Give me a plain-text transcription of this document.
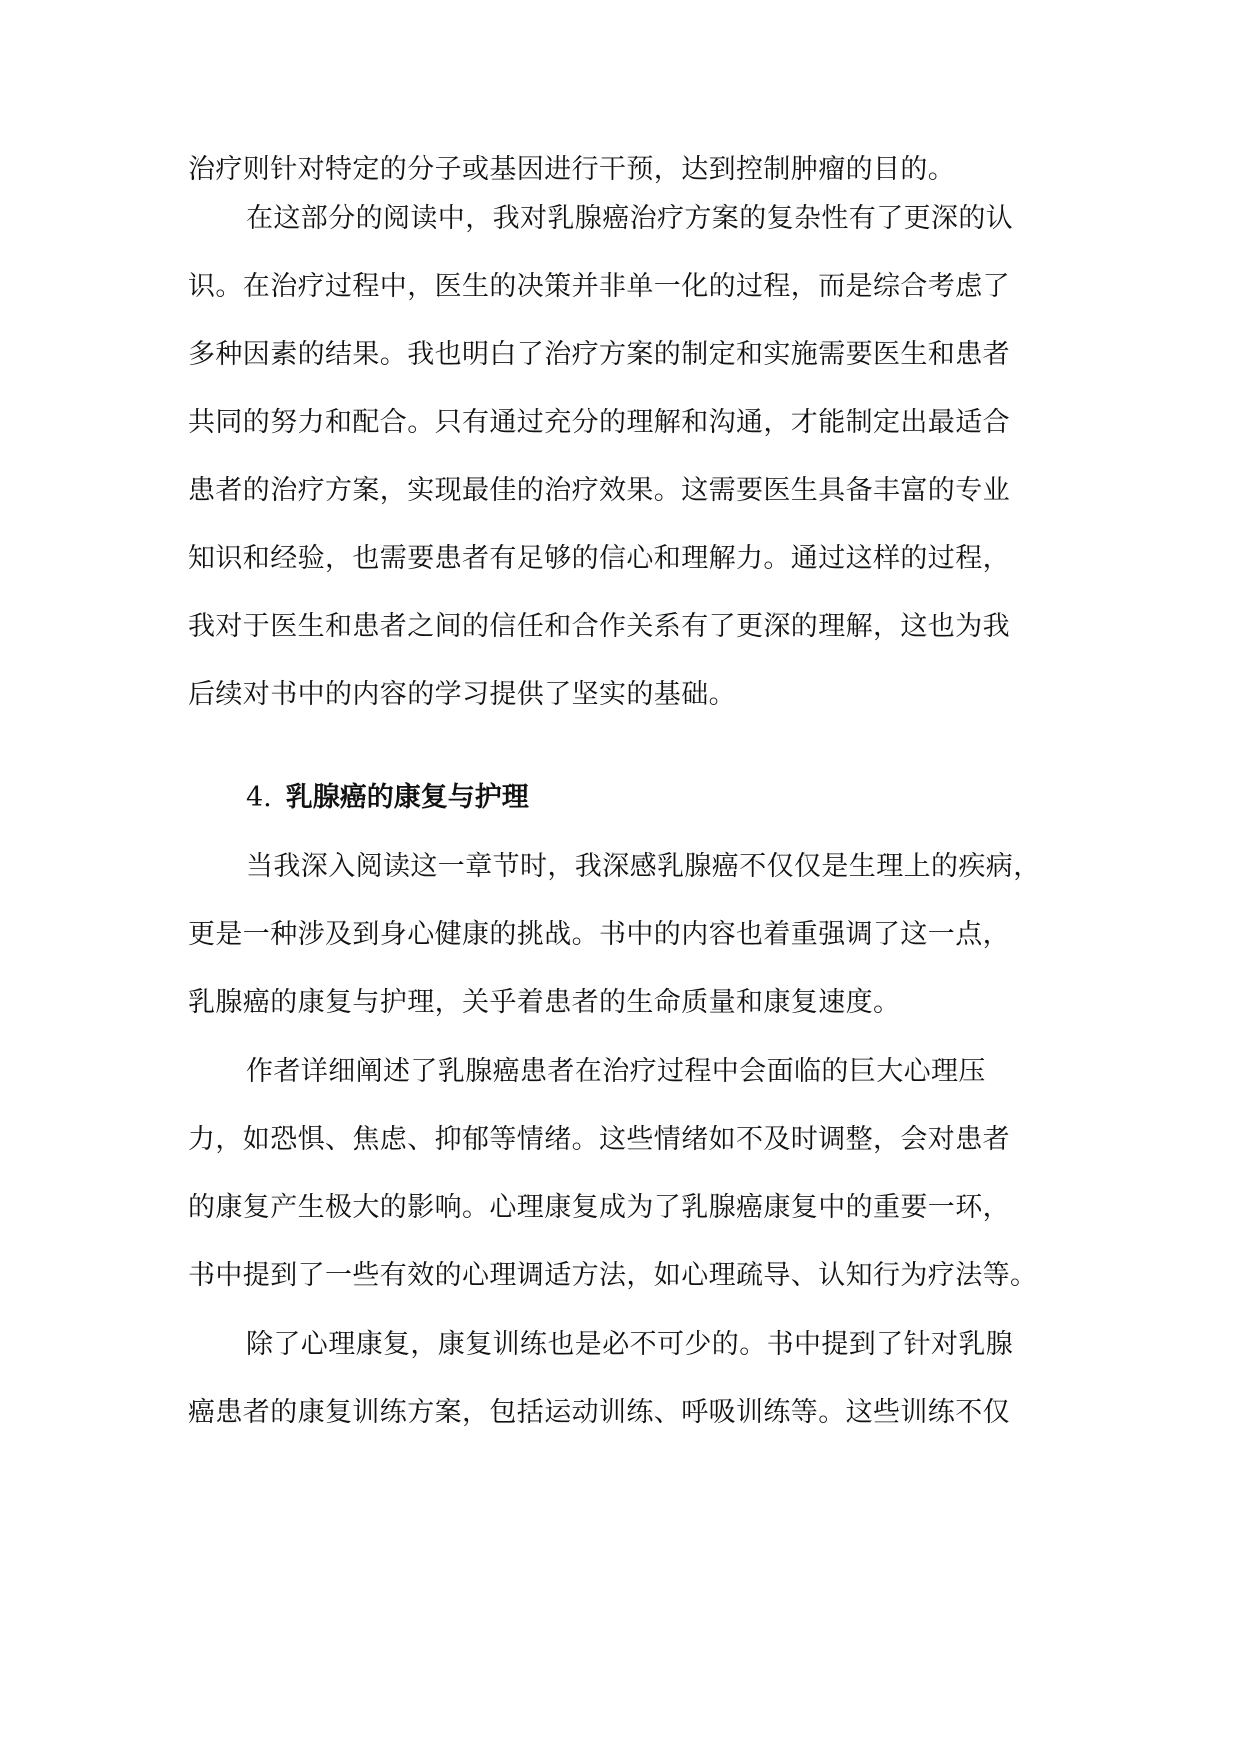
治疗则针对特定的分子或基因进行干预，达到控制肿瘤的目的。
在这部分的阅读中，我对乳腺癌治疗方案的复杂性有了更深的认
识。在治疗过程中，医生的决策并非单一化的过程，而是综合考虑了
多种因素的结果。我也明白了治疗方案的制定和实施需要医生和患者
共同的努力和配合。只有通过充分的理解和沟通，才能制定出最适合
患者的治疗方案，实现最佳的治疗效果。这需要医生具备丰富的专业
知识和经验，也需要患者有足够的信心和理解力。通过这样的过程，
我对于医生和患者之间的信任和合作关系有了更深的理解，这也为我
后续对书中的内容的学习提供了坚实的基础。
4. 乳腺癌的康复与护理
当我深入阅读这一章节时，我深感乳腺癌不仅仅是生理上的疾病，
更是一种涉及到身心健康的挑战。书中的内容也着重强调了这一点，
乳腺癌的康复与护理，关乎着患者的生命质量和康复速度。
作者详细阐述了乳腺癌患者在治疗过程中会面临的巨大心理压
力，如恐惧、焦虑、抑郁等情绪。这些情绪如不及时调整，会对患者
的康复产生极大的影响。心理康复成为了乳腺癌康复中的重要一环，
书中提到了一些有效的心理调适方法，如心理疏导、认知行为疗法等。
除了心理康复，康复训练也是必不可少的。书中提到了针对乳腺
癌患者的康复训练方案，包括运动训练、呼吸训练等。这些训练不仅
